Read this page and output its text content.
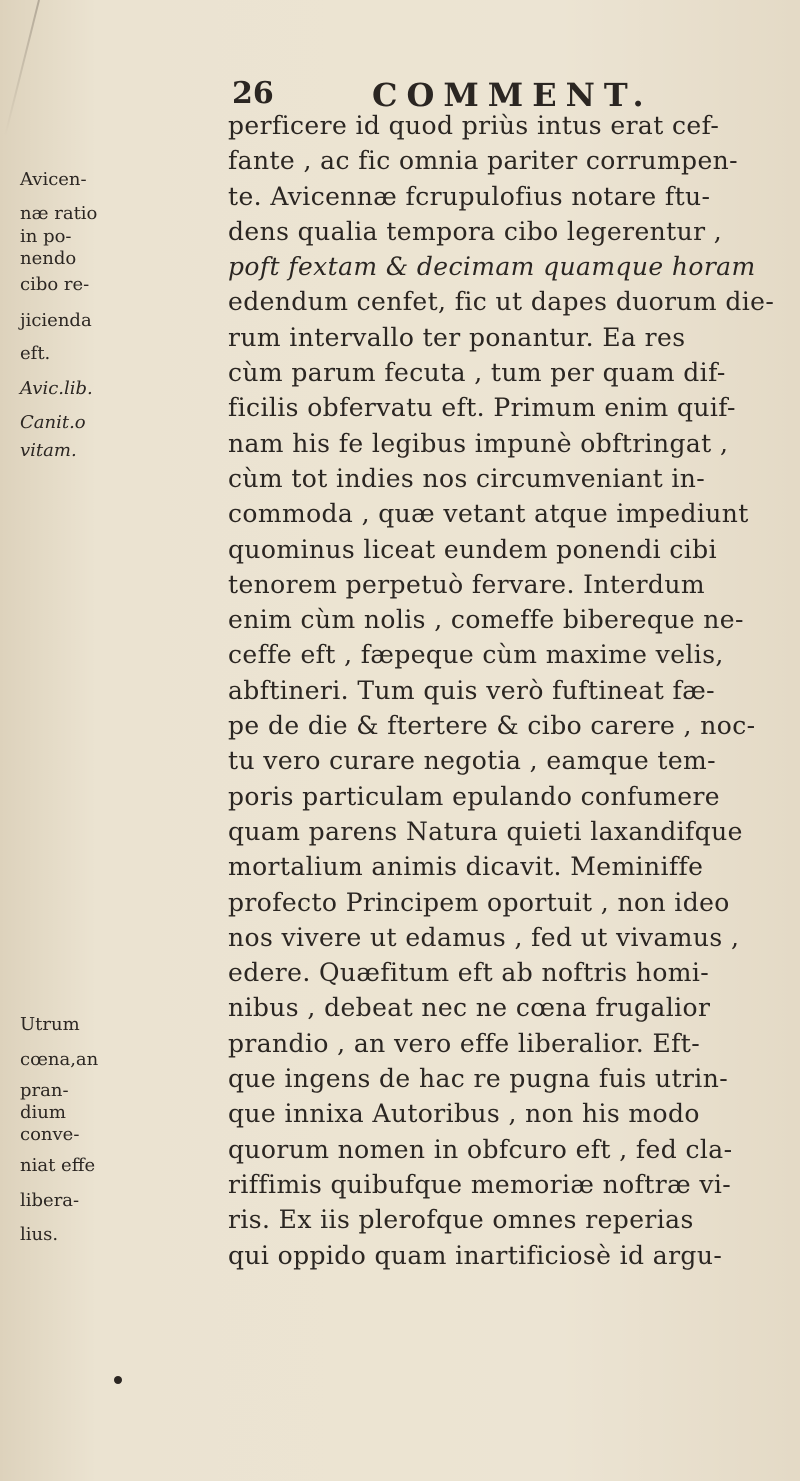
26	COMMENT.
Avicen-
næ ratio
in po-
nendo
cibo re-
jicienda
eft.
Avic.lib.
Canit.o
vitam.
Utrum
cœna,an
pran-
dium
conve-
niat effe
libera-
lius.
perficere id quod priùs intus erat cef-
fante , ac fic omnia pariter corrumpen-
te. Avicennæ fcrupulofius notare ftu-
dens qualia tempora cibo legerentur ,
poft fextam & decimam quamque horam
edendum cenfet, fic ut dapes duorum die-
rum intervallo ter ponantur. Ea res
cùm parum fecuta , tum per quam dif-
ficilis obfervatu eft. Primum enim quif-
nam his fe legibus impunè obftringat ,
cùm tot indies nos circumveniant in-
commoda , quæ vetant atque impediunt
quominus liceat eundem ponendi cibi
tenorem perpetuò fervare. Interdum
enim cùm nolis , comeffe bibereque ne-
ceffe eft , fæpeque cùm maxime velis,
abftineri. Tum quis verò fuftineat fæ-
pe de die & ftertere & cibo carere , noc-
tu vero curare negotia , eamque tem-
poris particulam epulando confumere
quam parens Natura quieti laxandifque
mortalium animis dicavit. Meminiffe
profecto Principem oportuit , non ideo
nos vivere ut edamus , fed ut vivamus ,
edere. Quæfitum eft ab noftris homi-
nibus , debeat nec ne cœna frugalior
prandio , an vero effe liberalior. Eft-
que ingens de hac re pugna fuis utrin-
que innixa Autoribus , non his modo
quorum nomen in obfcuro eft , fed cla-
riffimis quibufque memoriæ noftræ vi-
ris. Ex iis plerofque omnes reperias
qui oppido quam inartificiosè id argu-
